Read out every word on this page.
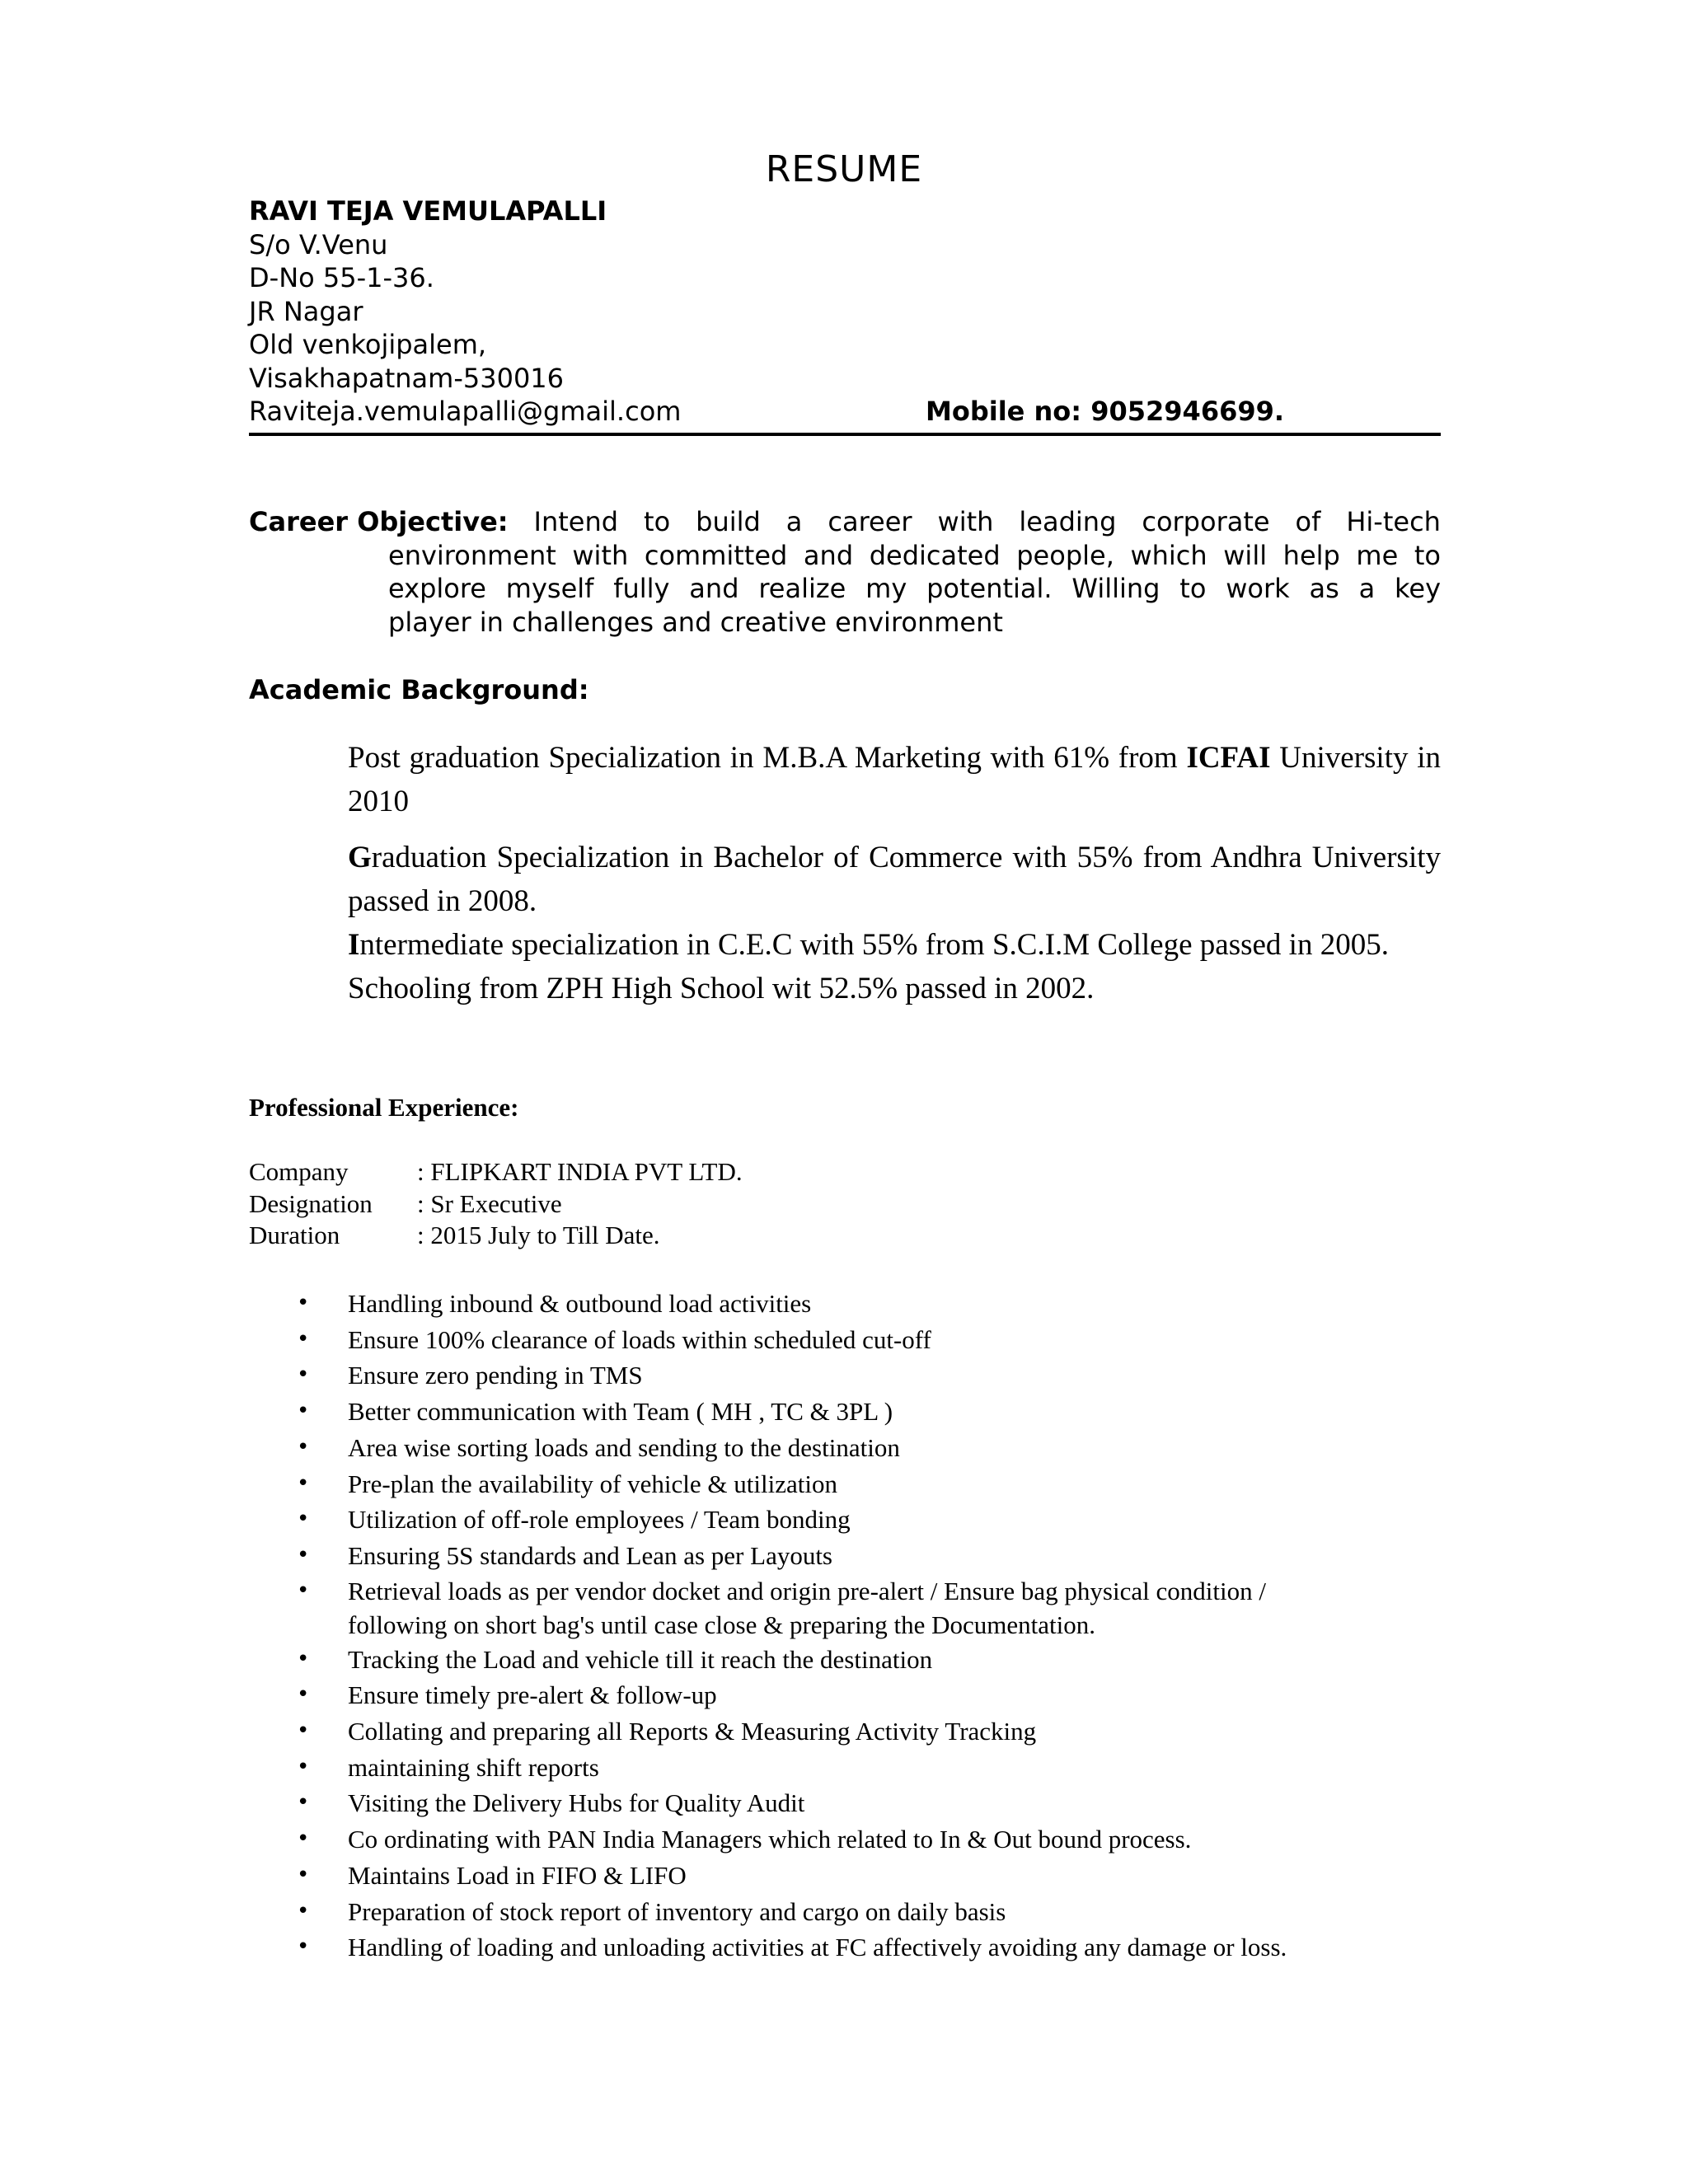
RESUME
RAVI TEJA VEMULAPALLI
S/o V.Venu
D-No 55-1-36.
JR Nagar
Old venkojipalem,
Visakhapatnam-530016
Raviteja.vemulapalli@gmail.com	Mobile no: 9052946699.
Career Objective: Intend to build a career with leading corporate of Hi-tech
environment with committed and dedicated people, which will help me to
explore myself fully and realize my potential. Willing to work as a key
player in challenges and creative environment
Academic Background:

Post graduation Specialization in M.B.A Marketing with 61% from ICFAI University in 2010

Graduation Specialization in Bachelor of Commerce with 55% from Andhra University passed in 2008.

Intermediate specialization in C.E.C with 55% from S.C.I.M College passed in 2005.

Schooling from ZPH High School wit 52.5% passed in 2002.

Professional Experience:
Company	: FLIPKART INDIA PVT LTD.
Designation	: Sr Executive
Duration	: 2015 July to Till Date.
• Handling inbound & outbound load activities
• Ensure 100% clearance of loads within scheduled cut-off
• Ensure zero pending in TMS
• Better communication with Team ( MH , TC & 3PL )
• Area wise sorting loads and sending to the destination
• Pre-plan the availability of vehicle & utilization
• Utilization of off-role employees / Team bonding
• Ensuring 5S standards and Lean as per Layouts
• Retrieval loads as per vendor docket and origin pre-alert / Ensure bag physical condition /
following on short bag's until case close & preparing the Documentation.
• Tracking the Load and vehicle till it reach the destination
• Ensure timely pre-alert & follow-up
• Collating and preparing all Reports & Measuring Activity Tracking
• maintaining shift reports
• Visiting the Delivery Hubs for Quality Audit
• Co ordinating with PAN India Managers which related to In & Out bound process.
• Maintains Load in FIFO & LIFO
• Preparation of stock report of inventory and cargo on daily basis
• Handling of loading and unloading activities at FC affectively avoiding any damage or loss.
